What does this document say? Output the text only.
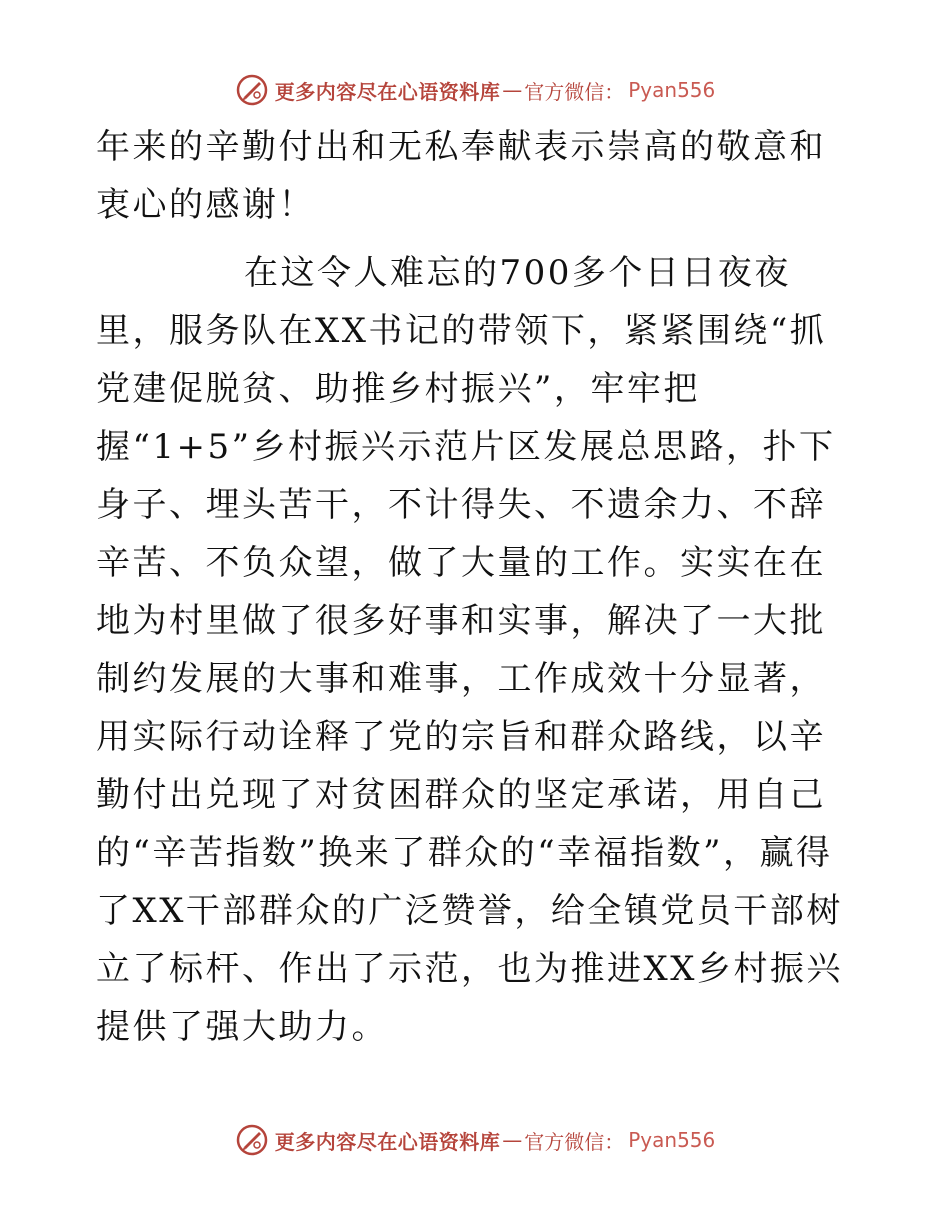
更多内容尽在心语资料库 — 官方微信： Pyan556

年来的辛勤付出和无私奉献表示崇高的敬意和衷心的感谢！

在这令人难忘的700多个日日夜夜里，服务队在XX书记的带领下，紧紧围绕“抓党建促脱贫、助推乡村振兴”，牢牢把握“1+5”乡村振兴示范片区发展总思路，扑下身子、埋头苦干，不计得失、不遗余力、不辞辛苦、不负众望，做了大量的工作。实实在在地为村里做了很多好事和实事，解决了一大批制约发展的大事和难事，工作成效十分显著，用实际行动诠释了党的宗旨和群众路线，以辛勤付出兑现了对贫困群众的坚定承诺，用自己的“辛苦指数”换来了群众的“幸福指数”，赢得了XX干部群众的广泛赞誉，给全镇党员干部树立了标杆、作出了示范，也为推进XX乡村振兴提供了强大助力。

更多内容尽在心语资料库 — 官方微信： Pyan556
